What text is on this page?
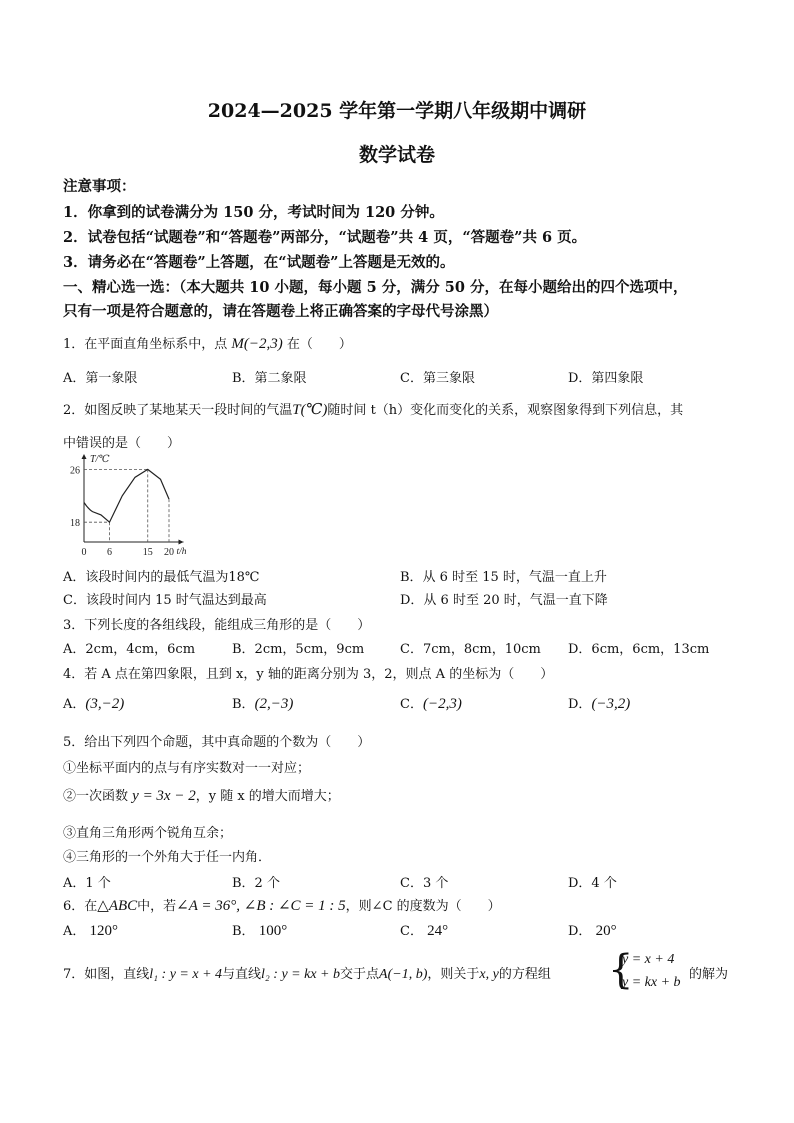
2024—2025 学年第一学期八年级期中调研
数学试卷
注意事项：
1．你拿到的试卷满分为 150 分，考试时间为 120 分钟。
2．试卷包括“试题卷”和“答题卷”两部分，“试题卷”共 4 页，“答题卷”共 6 页。
3．请务必在“答题卷”上答题，在“试题卷”上答题是无效的。
一、精心选一选：（本大题共 10 小题，每小题 5 分，满分 50 分，在每小题给出的四个选项中，
只有一项是符合题意的，请在答题卷上将正确答案的字母代号涂黑）
1．在平面直角坐标系中，点 M(−2,3) 在（　　）
A．第一象限	B．第二象限	C．第三象限	D．第四象限
2．如图反映了某地某天一段时间的气温T(℃)随时间 t（h）变化而变化的关系，观察图象得到下列信息，其
中错误的是（　　）
T/℃
t/h
18
26
0 6	15 20
A．该段时间内的最低气温为18℃	B．从 6 时至 15 时，气温一直上升
C．该段时间内 15 时气温达到最高	D．从 6 时至 20 时，气温一直下降
3．下列长度的各组线段，能组成三角形的是（　　）
A．2cm，4cm，6cm	B．2cm，5cm，9cm	C．7cm，8cm，10cm D．6cm，6cm，13cm
4．若 A 点在第四象限，且到 x，y 轴的距离分别为 3，2，则点 A 的坐标为（　　）
A．(3,−2)	B．(2,−3)	C．(−2,3)	D．(−3,2)
5．给出下列四个命题，其中真命题的个数为（　　）
①坐标平面内的点与有序实数对一一对应；
②一次函数 y = 3x − 2，y 随 x 的增大而增大；
③直角三角形两个锐角互余；
④三角形的一个外角大于任一内角．
A．1 个	B．2 个	C．3 个	D．4 个
6．在△ABC中，若∠A = 36°, ∠B : ∠C = 1 : 5，则∠C 的度数为（　　）
A． 120°	B． 100°	C． 24°	D． 20°
7．如图，直线l₁ : y = x + 4与直线l₂ : y = kx + b交于点A(−1, b)，则关于x, y的方程组 {
y = x + 4
y = kx + b
的解为
